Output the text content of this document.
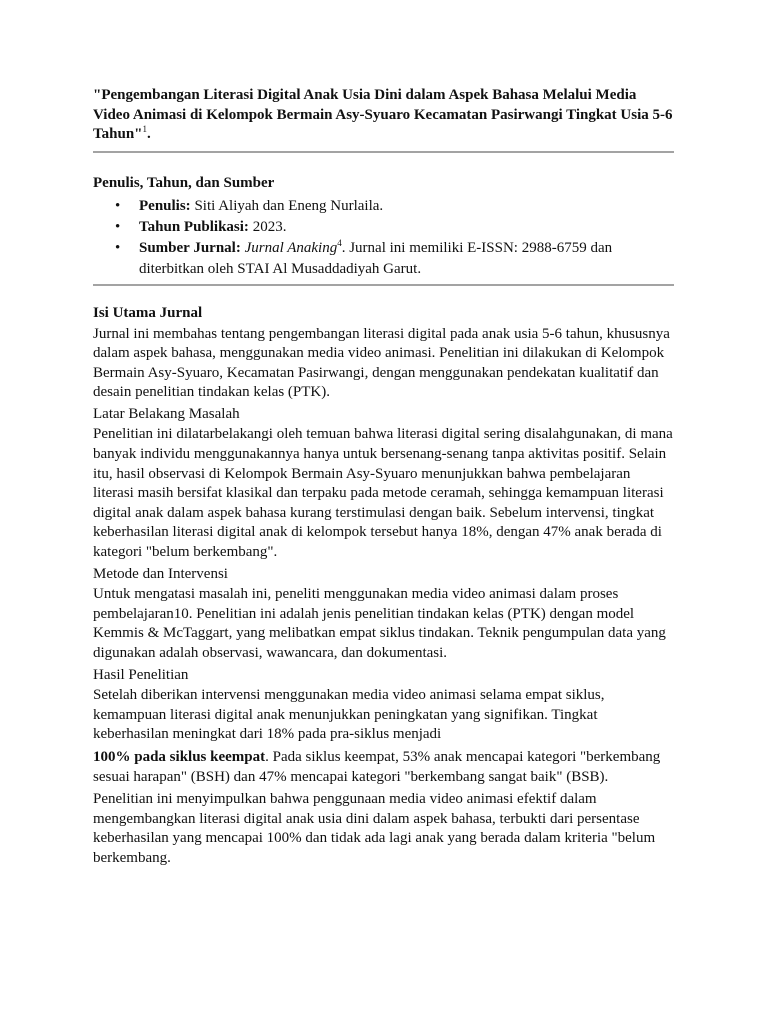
"Pengembangan Literasi Digital Anak Usia Dini dalam Aspek Bahasa Melalui Media Video Animasi di Kelompok Bermain Asy-Syuaro Kecamatan Pasirwangi Tingkat Usia 5-6 Tahun"$^1$.

Penulis, Tahun, dan Sumber

• Penulis: Siti Aliyah dan Eneng Nurlaila.
• Tahun Publikasi: 2023.
• Sumber Jurnal: Jurnal Anaking$^4$. Jurnal ini memiliki E-ISSN: 2988-6759 dan diterbitkan oleh STAI Al Musaddadiyah Garut.

Isi Utama Jurnal

Jurnal ini membahas tentang pengembangan literasi digital pada anak usia 5-6 tahun, khususnya dalam aspek bahasa, menggunakan media video animasi. Penelitian ini dilakukan di Kelompok Bermain Asy-Syuaro, Kecamatan Pasirwangi, dengan menggunakan pendekatan kualitatif dan desain penelitian tindakan kelas (PTK).

Latar Belakang Masalah

Penelitian ini dilatarbelakangi oleh temuan bahwa literasi digital sering disalahgunakan, di mana banyak individu menggunakannya hanya untuk bersenang-senang tanpa aktivitas positif. Selain itu, hasil observasi di Kelompok Bermain Asy-Syuaro menunjukkan bahwa pembelajaran literasi masih bersifat klasikal dan terpaku pada metode ceramah, sehingga kemampuan literasi digital anak dalam aspek bahasa kurang terstimulasi dengan baik. Sebelum intervensi, tingkat keberhasilan literasi digital anak di kelompok tersebut hanya 18%, dengan 47% anak berada di kategori "belum berkembang".

Metode dan Intervensi

Untuk mengatasi masalah ini, peneliti menggunakan media video animasi dalam proses pembelajaran10. Penelitian ini adalah jenis penelitian tindakan kelas (PTK) dengan model Kemmis & McTaggart, yang melibatkan empat siklus tindakan. Teknik pengumpulan data yang digunakan adalah observasi, wawancara, dan dokumentasi.

Hasil Penelitian

Setelah diberikan intervensi menggunakan media video animasi selama empat siklus, kemampuan literasi digital anak menunjukkan peningkatan yang signifikan. Tingkat keberhasilan meningkat dari 18% pada pra-siklus menjadi

100% pada siklus keempat. Pada siklus keempat, 53% anak mencapai kategori "berkembang sesuai harapan" (BSH) dan 47% mencapai kategori "berkembang sangat baik" (BSB).

Penelitian ini menyimpulkan bahwa penggunaan media video animasi efektif dalam mengembangkan literasi digital anak usia dini dalam aspek bahasa, terbukti dari persentase keberhasilan yang mencapai 100% dan tidak ada lagi anak yang berada dalam kriteria "belum berkembang.
